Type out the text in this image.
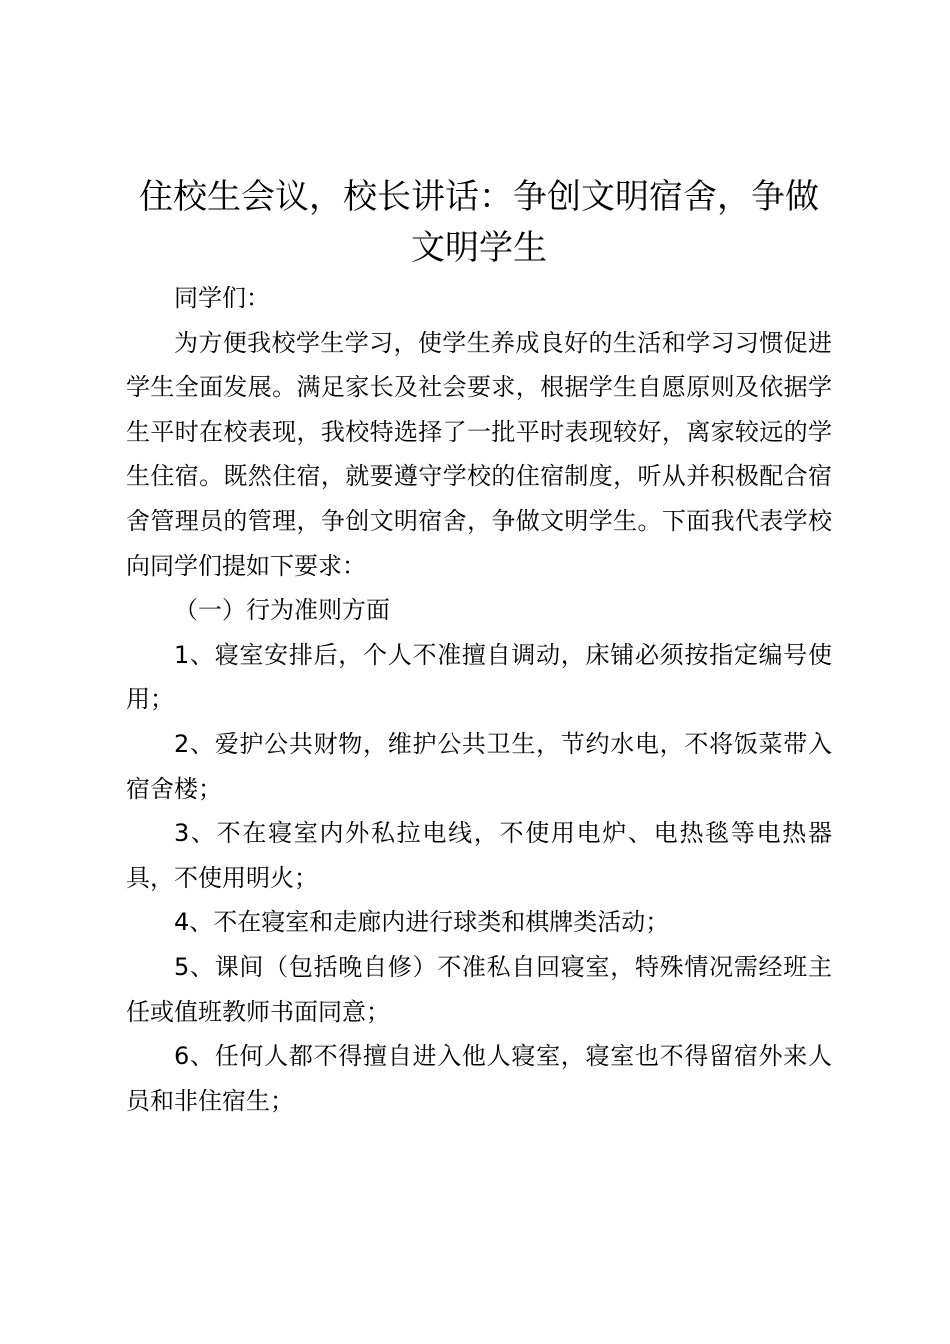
住校生会议，校长讲话：争创文明宿舍，争做文明学生

同学们：

为方便我校学生学习，使学生养成良好的生活和学习习惯促进学生全面发展。满足家长及社会要求，根据学生自愿原则及依据学生平时在校表现，我校特选择了一批平时表现较好，离家较远的学生住宿。既然住宿，就要遵守学校的住宿制度，听从并积极配合宿舍管理员的管理，争创文明宿舍，争做文明学生。下面我代表学校向同学们提如下要求：

（一）行为准则方面

1、寝室安排后，个人不准擅自调动，床铺必须按指定编号使用；

2、爱护公共财物，维护公共卫生，节约水电，不将饭菜带入宿舍楼；

3、不在寝室内外私拉电线，不使用电炉、电热毯等电热器具，不使用明火；

4、不在寝室和走廊内进行球类和棋牌类活动；

5、课间（包括晚自修）不准私自回寝室，特殊情况需经班主任或值班教师书面同意；

6、任何人都不得擅自进入他人寝室，寝室也不得留宿外来人员和非住宿生；
